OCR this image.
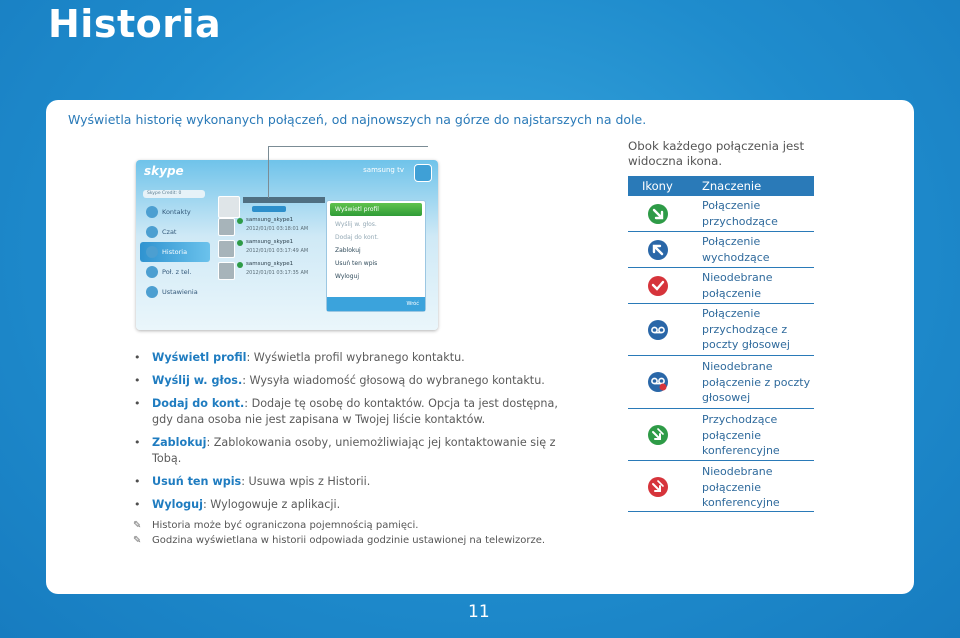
Historia
Wyświetla historię wykonanych połączeń, od najnowszych na górze do najstarszych na dole.
skype	samsung tv
Skype Credit: 0
Kontakty
Czat
Historia
Poł. z tel.
Ustawienia
samsung_skype1
2012/01/01 03:18:01 AM
samsung_skype1
2012/01/01 03:17:49 AM
samsung_skype1
2012/01/01 03:17:35 AM
Wyświetl profil
Wyślij w. głos.
Dodaj do kont.
Zablokuj
Usuń ten wpis
Wyloguj
Wróć
• Wyświetl profil: Wyświetla profil wybranego kontaktu.
• Wyślij w. głos.: Wysyła wiadomość głosową do wybranego kontaktu.
• Dodaj do kont.: Dodaje tę osobę do kontaktów. Opcja ta jest dostępna, gdy dana osoba nie jest zapisana w Twojej liście kontaktów.
• Zablokuj: Zablokowania osoby, uniemożliwiając jej kontaktowanie się z Tobą.
• Usuń ten wpis: Usuwa wpis z Historii.
• Wyloguj: Wylogowuje z aplikacji.
✎ Historia może być ograniczona pojemnością pamięci.
✎ Godzina wyświetlana w historii odpowiada godzinie ustawionej na telewizorze.
Obok każdego połączenia jest widoczna ikona.
Ikony	Znaczenie
Połączenie przychodzące
Połączenie wychodzące
Nieodebrane połączenie
Połączenie przychodzące z poczty głosowej
Nieodebrane połączenie z poczty głosowej
Przychodzące połączenie konferencyjne
Nieodebrane połączenie konferencyjne
11
